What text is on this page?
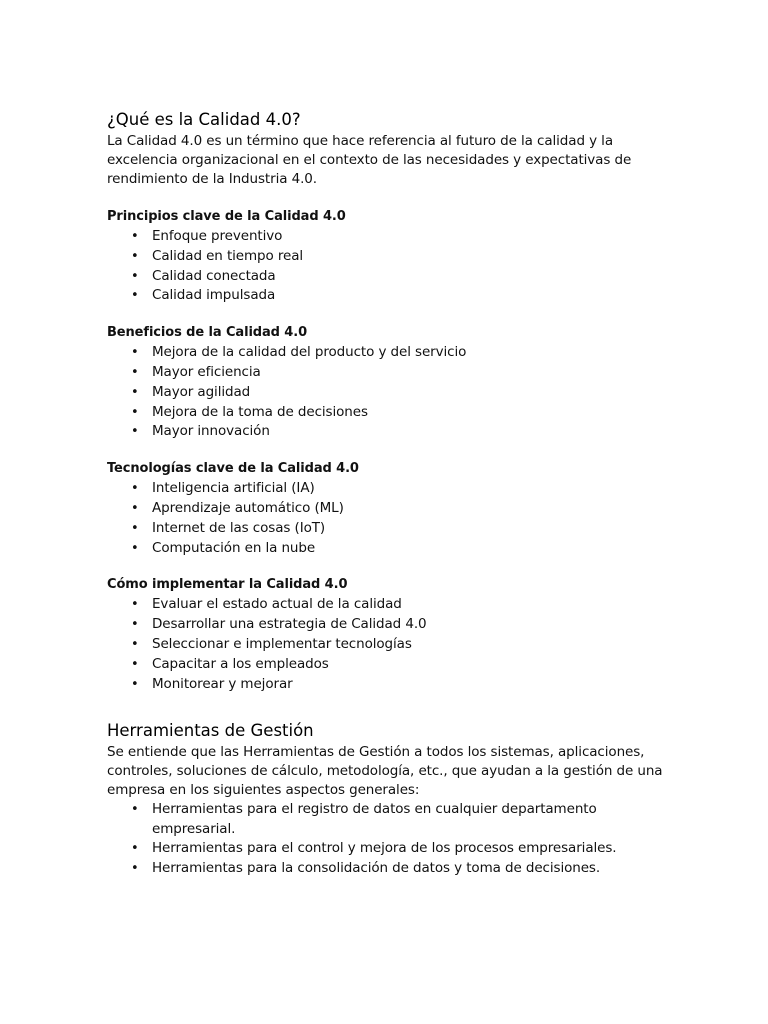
¿Qué es la Calidad 4.0?

La Calidad 4.0 es un término que hace referencia al futuro de la calidad y la excelencia organizacional en el contexto de las necesidades y expectativas de rendimiento de la Industria 4.0.

Principios clave de la Calidad 4.0
• Enfoque preventivo
• Calidad en tiempo real
• Calidad conectada
• Calidad impulsada
Beneficios de la Calidad 4.0
• Mejora de la calidad del producto y del servicio
• Mayor eficiencia
• Mayor agilidad
• Mejora de la toma de decisiones
• Mayor innovación
Tecnologías clave de la Calidad 4.0
• Inteligencia artificial (IA)
• Aprendizaje automático (ML)
• Internet de las cosas (IoT)
• Computación en la nube
Cómo implementar la Calidad 4.0
• Evaluar el estado actual de la calidad
• Desarrollar una estrategia de Calidad 4.0
• Seleccionar e implementar tecnologías
• Capacitar a los empleados
• Monitorear y mejorar
Herramientas de Gestión

Se entiende que las Herramientas de Gestión a todos los sistemas, aplicaciones, controles, soluciones de cálculo, metodología, etc., que ayudan a la gestión de una empresa en los siguientes aspectos generales:

• Herramientas para el registro de datos en cualquier departamento empresarial.
• Herramientas para el control y mejora de los procesos empresariales.
• Herramientas para la consolidación de datos y toma de decisiones.
